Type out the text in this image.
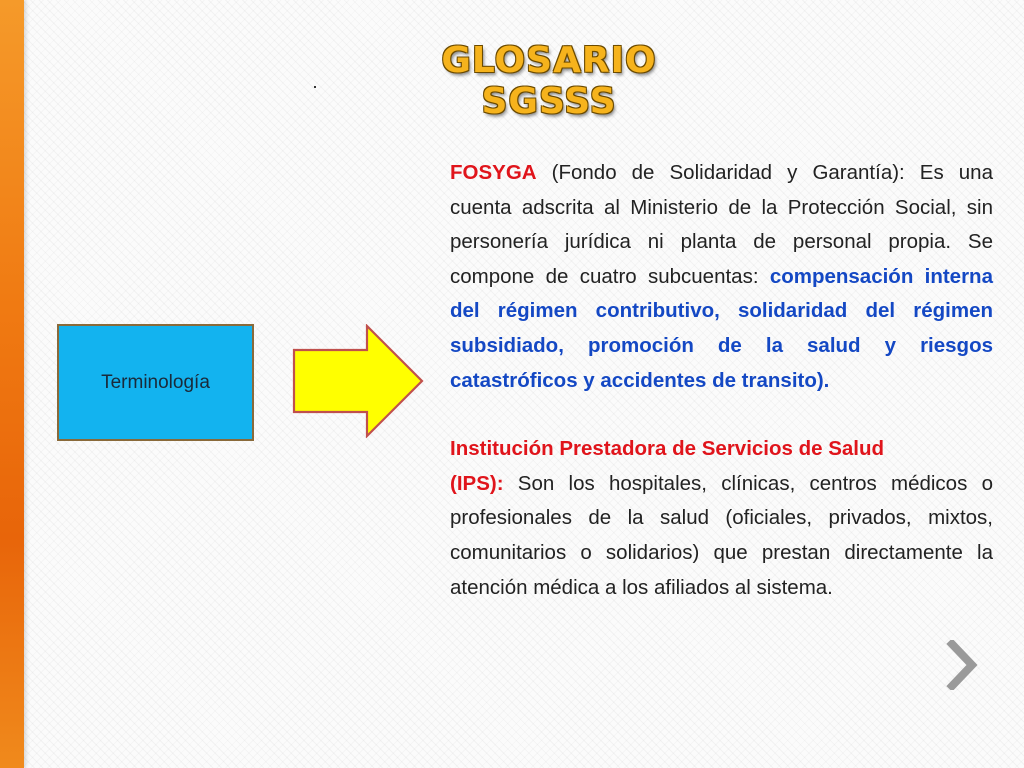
GLOSARIO SGSSS
Terminología

FOSYGA (Fondo de Solidaridad y Garantía): Es una cuenta adscrita al Ministerio de la Protección Social, sin personería jurídica ni planta de personal propia. Se compone de cuatro subcuentas: compensación interna del régimen contributivo, solidaridad del régimen subsidiado, promoción de la salud y riesgos catastróficos y accidentes de transito).

Institución Prestadora de Servicios de Salud
(IPS): Son los hospitales, clínicas, centros médicos o profesionales de la salud (oficiales, privados, mixtos, comunitarios o solidarios) que prestan directamente la atención médica a los afiliados al sistema.
